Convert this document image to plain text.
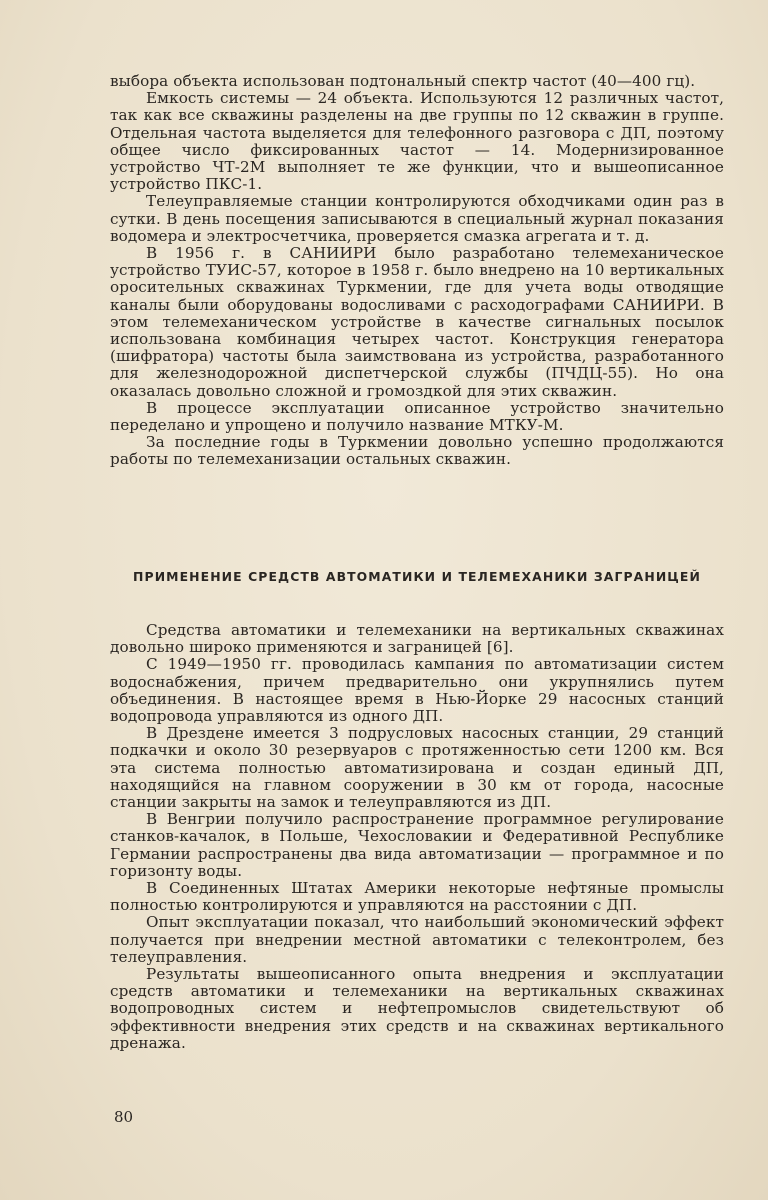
выбора объекта использован подтональный спектр частот (40—400 гц).

Емкость системы — 24 объекта. Используются 12 различных частот, так как все скважины разделены на две группы по 12 скважин в группе. Отдельная частота выделяется для телефонного разговора с ДП, поэтому общее число фиксированных частот — 14. Модернизированное устройство ЧТ-2М выполняет те же функции, что и вышеописанное устройство ПКС-1.

Телеуправляемые станции контролируются обходчиками один раз в сутки. В день посещения записываются в специальный журнал показания водомера и электросчетчика, проверяется смазка агрегата и т. д.

В 1956 г. в САНИИРИ было разработано телемеханическое устройство ТУИС-57, которое в 1958 г. было внедрено на 10 вертикальных оросительных скважинах Туркмении, где для учета воды отводящие каналы были оборудованы водосливами с расходографами САНИИРИ. В этом телемеханическом устройстве в качестве сигнальных посылок использована комбинация четырех частот. Конструкция генератора (шифратора) частоты была заимствована из устройства, разработанного для железнодорожной диспетчерской службы (ПЧДЦ-55). Но она оказалась довольно сложной и громоздкой для этих скважин.

В процессе эксплуатации описанное устройство значительно переделано и упрощено и получило название МТКУ-М.

За последние годы в Туркмении довольно успешно продолжаются работы по телемеханизации остальных скважин.

ПРИМЕНЕНИЕ СРЕДСТВ АВТОМАТИКИ И ТЕЛЕМЕХАНИКИ ЗАГРАНИЦЕЙ

Средства автоматики и телемеханики на вертикальных скважинах довольно широко применяются и заграницей [6].

С 1949—1950 гг. проводилась кампания по автоматизации систем водоснабжения, причем предварительно они укрупнялись путем объединения. В настоящее время в Нью-Йорке 29 насосных станций водопровода управляются из одного ДП.

В Дрездене имеется 3 подрусловых насосных станции, 29 станций подкачки и около 30 резервуаров с протяженностью сети 1200 км. Вся эта система полностью автоматизирована и создан единый ДП, находящийся на главном сооружении в 30 км от города, насосные станции закрыты на замок и телеуправляются из ДП.

В Венгрии получило распространение программное регулирование станков-качалок, в Польше, Чехословакии и Федеративной Республике Германии распространены два вида автоматизации — программное и по горизонту воды.

В Соединенных Штатах Америки некоторые нефтяные промыслы полностью контролируются и управляются на расстоянии с ДП.

Опыт эксплуатации показал, что наибольший экономический эффект получается при внедрении местной автоматики с телеконтролем, без телеуправления.

Результаты вышеописанного опыта внедрения и эксплуатации средств автоматики и телемеханики на вертикальных скважинах водопроводных систем и нефтепромыслов свидетельствуют об эффективности внедрения этих средств и на скважинах вертикального дренажа.

80
